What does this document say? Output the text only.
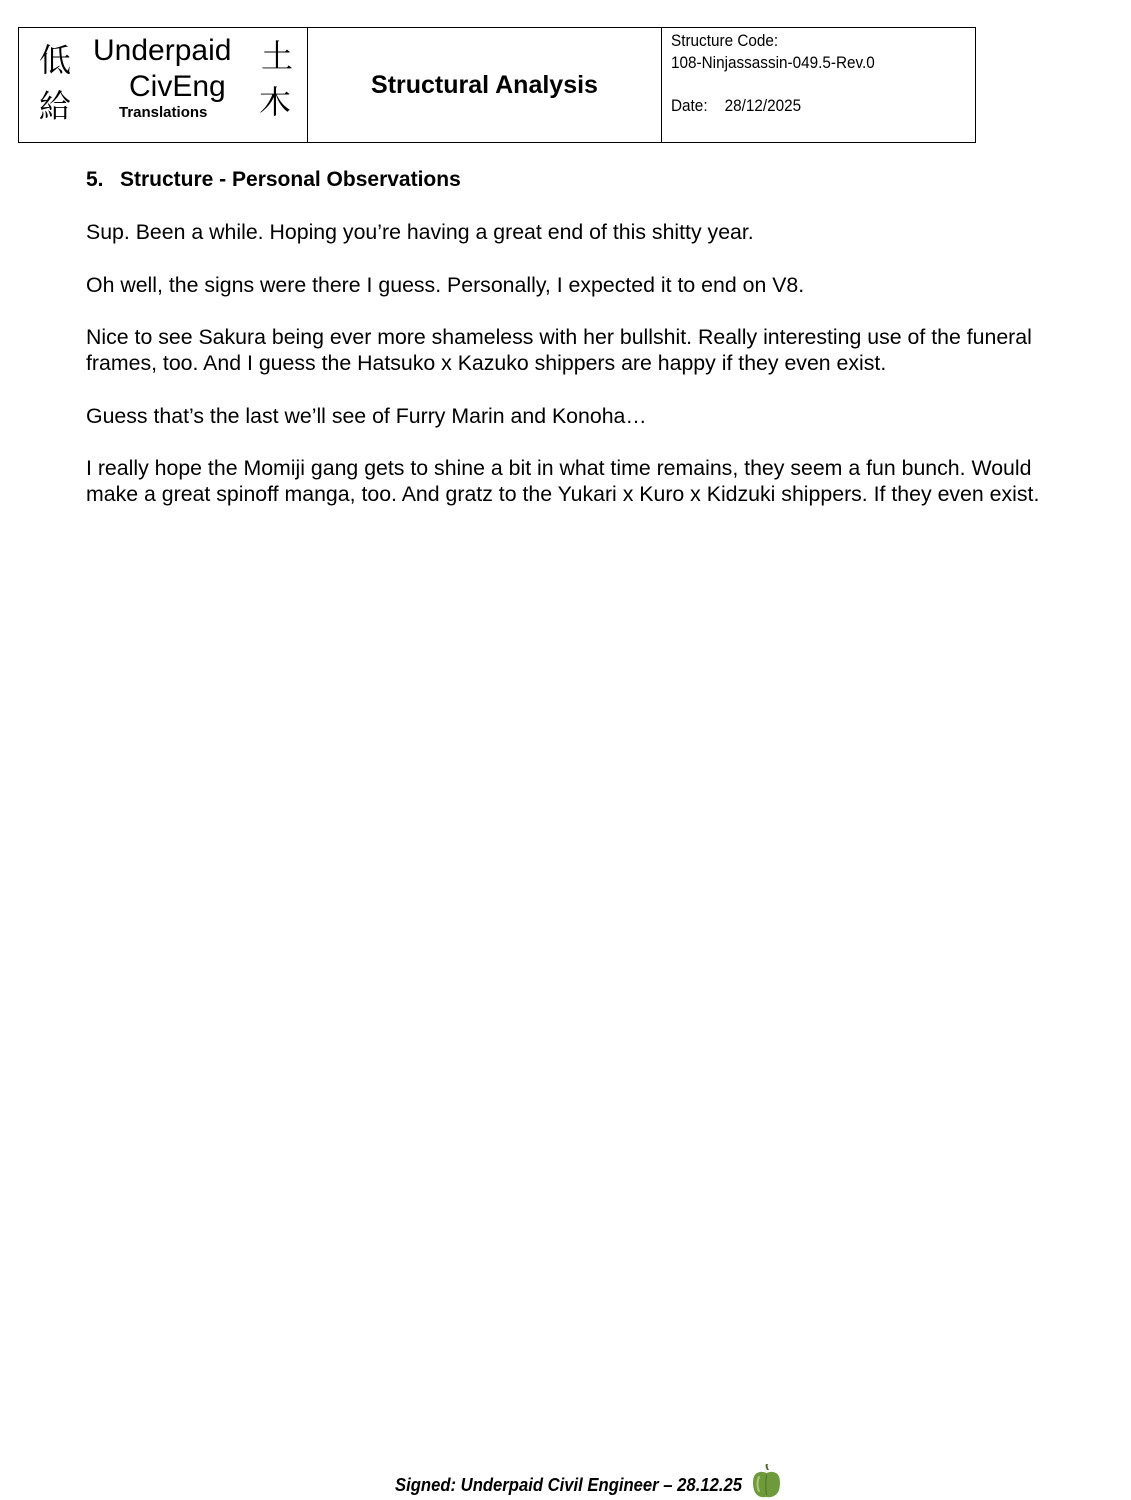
低
給
Underpaid
CivEng
Translations
土
木	Structural Analysis
Structure Code:
108-Ninjassassin-049.5-Rev.0
Date: 28/12/2025
5. Structure - Personal Observations

Sup. Been a while. Hoping you’re having a great end of this shitty year.

Oh well, the signs were there I guess. Personally, I expected it to end on V8.

Nice to see Sakura being ever more shameless with her bullshit. Really interesting use of the funeral frames, too. And I guess the Hatsuko x Kazuko shippers are happy if they even exist.

Guess that’s the last we’ll see of Furry Marin and Konoha…

I really hope the Momiji gang gets to shine a bit in what time remains, they seem a fun bunch. Would make a great spinoff manga, too. And gratz to the Yukari x Kuro x Kidzuki shippers. If they even exist.

Signed: Underpaid Civil Engineer – 28.12.25
